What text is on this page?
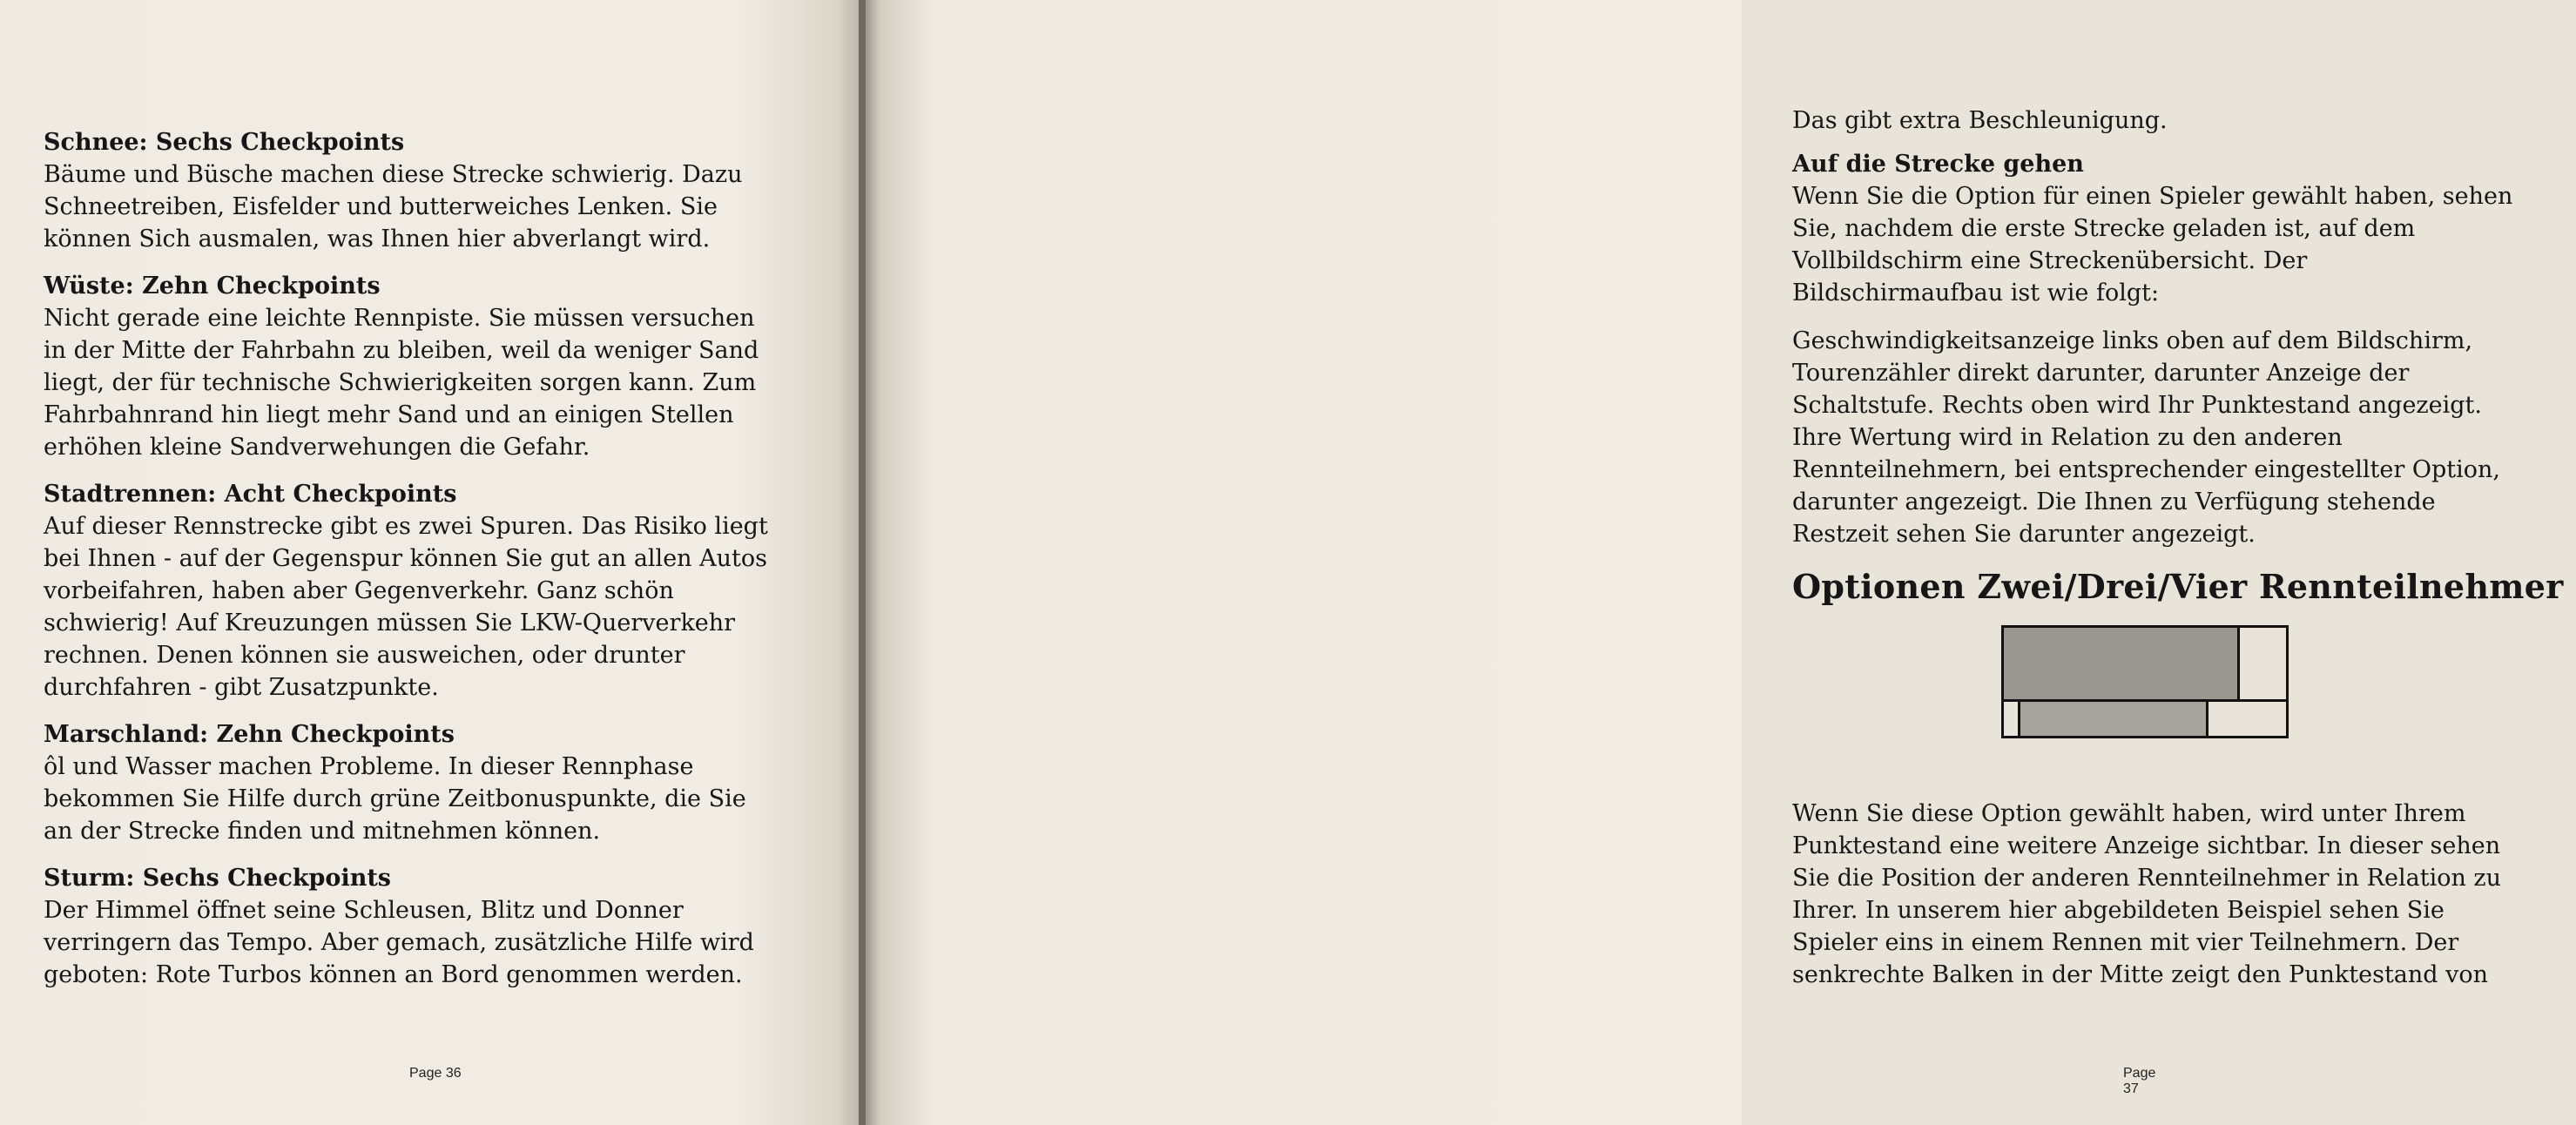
Schnee: Sechs Checkpoints

Bäume und Büsche machen diese Strecke schwierig. Dazu

Schneetreiben, Eisfelder und butterweiches Lenken. Sie

können Sich ausmalen, was Ihnen hier abverlangt wird.

Wüste: Zehn Checkpoints

Nicht gerade eine leichte Rennpiste. Sie müssen versuchen

in der Mitte der Fahrbahn zu bleiben, weil da weniger Sand

liegt, der für technische Schwierigkeiten sorgen kann. Zum

Fahrbahnrand hin liegt mehr Sand und an einigen Stellen

erhöhen kleine Sandverwehungen die Gefahr.

Stadtrennen: Acht Checkpoints

Auf dieser Rennstrecke gibt es zwei Spuren. Das Risiko liegt

bei Ihnen - auf der Gegenspur können Sie gut an allen Autos

vorbeifahren, haben aber Gegenverkehr. Ganz schön

schwierig! Auf Kreuzungen müssen Sie LKW-Querverkehr

rechnen. Denen können sie ausweichen, oder drunter

durchfahren - gibt Zusatzpunkte.

Marschland: Zehn Checkpoints

ôl und Wasser machen Probleme. In dieser Rennphase

bekommen Sie Hilfe durch grüne Zeitbonuspunkte, die Sie

an der Strecke finden und mitnehmen können.

Sturm: Sechs Checkpoints

Der Himmel öffnet seine Schleusen, Blitz und Donner

verringern das Tempo. Aber gemach, zusätzliche Hilfe wird

geboten: Rote Turbos können an Bord genommen werden.

Page 36

Das gibt extra Beschleunigung.

Auf die Strecke gehen

Wenn Sie die Option für einen Spieler gewählt haben, sehen

Sie, nachdem die erste Strecke geladen ist, auf dem

Vollbildschirm eine Streckenübersicht. Der

Bildschirmaufbau ist wie folgt:

Geschwindigkeitsanzeige links oben auf dem Bildschirm,

Tourenzähler direkt darunter, darunter Anzeige der

Schaltstufe. Rechts oben wird Ihr Punktestand angezeigt.

Ihre Wertung wird in Relation zu den anderen

Rennteilnehmern, bei entsprechender eingestellter Option,

darunter angezeigt. Die Ihnen zu Verfügung stehende

Restzeit sehen Sie darunter angezeigt.

Optionen Zwei/Drei/Vier Rennteilnehmer

Wenn Sie diese Option gewählt haben, wird unter Ihrem

Punktestand eine weitere Anzeige sichtbar. In dieser sehen

Sie die Position der anderen Rennteilnehmer in Relation zu

Ihrer. In unserem hier abgebildeten Beispiel sehen Sie

Spieler eins in einem Rennen mit vier Teilnehmern. Der

senkrechte Balken in der Mitte zeigt den Punktestand von

Page 37
